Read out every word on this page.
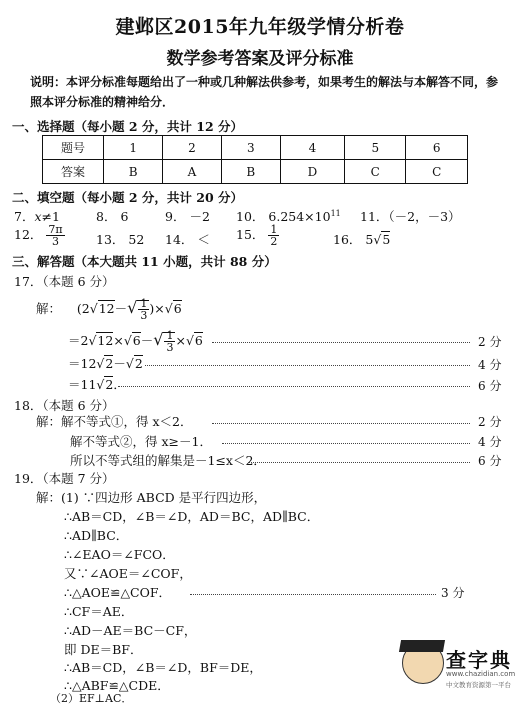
建邺区2015年九年级学情分析卷
数学参考答案及评分标准
说明：本评分标准每题给出了一种或几种解法供参考，如果考生的解法与本解答不同，参
照本评分标准的精神给分．
一、选择题（每小题 2 分，共计 12 分）
题号	1	2	3	4	5	6
答案	B	A	B	D	C	C
二、填空题（每小题 2 分，共计 20 分）
7．x≠1	8． 6	9． －2 10． $6.254\times 10^{11}$ 11．（－2，－3）
12． $\frac{7\pi}{3}$	13． 52 14． ＜ 15． $\frac{1}{2}$	16． 5√5
三、解答题（本大题共 11 小题，共计 88 分）
17．（本题 6 分）
解： $(2√12-√ \frac{1}{3} )\times√6$
$=2√12\times√6-√ \frac{1}{3} \times√6$	2 分
＝12√2－√2	4 分
＝11√2．	6 分
18．（本题 6 分）
解：解不等式①，得 x＜2．	2 分
解不等式②，得 x≥－1．	4 分
所以不等式组的解集是－1≤x＜2．	6 分
19．（本题 7 分）
解：(1) ∵四边形 ABCD 是平行四边形，
∴AB＝CD，∠B＝∠D，AD＝BC，AD∥BC．
∴AD∥BC．
∴∠EAO＝∠FCO．
又∵∠AOE＝∠COF，
∴△AOE≌△COF．	3 分
∴CF＝AE．
∴AD－AE＝BC－CF，
即 DE＝BF．
∴AB＝CD，∠B＝∠D，BF＝DE，
∴△ABF≌△CDE．
（2）EF⊥AC．
查字典
www.chazidian.com
中文教育资源第一平台
